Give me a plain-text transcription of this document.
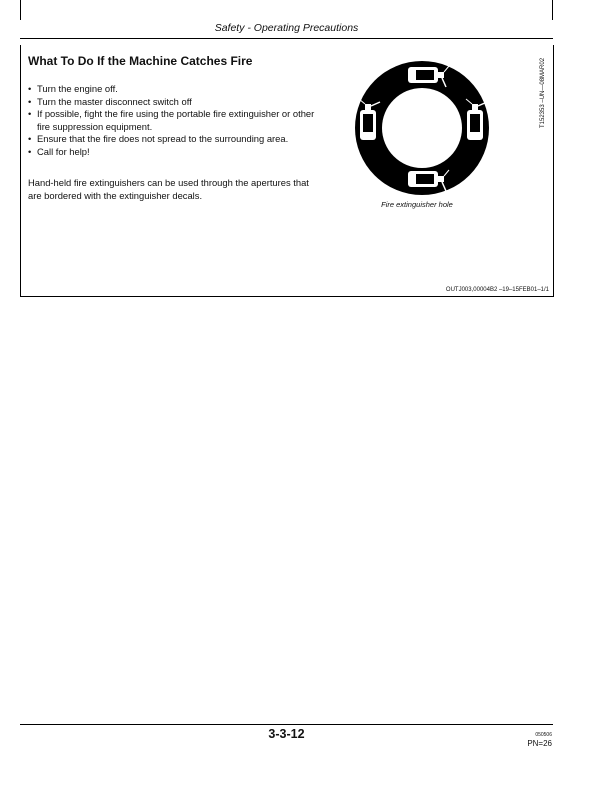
Safety - Operating Precautions
What To Do If the Machine Catches Fire
• Turn the engine off.
• Turn the master disconnect switch off
• If possible, fight the fire using the portable fire extinguisher or other fire suppression equipment.
• Ensure that the fire does not spread to the surrounding area.
• Call for help!

Hand-held fire extinguishers can be used through the apertures that are bordered with the extinguisher decals.

Fire extinguisher hole
T152353 –UN—08MAR02
OUTJ003,00004B2 –19–15FEB01–1/1
3-3-12	050506
PN=26
